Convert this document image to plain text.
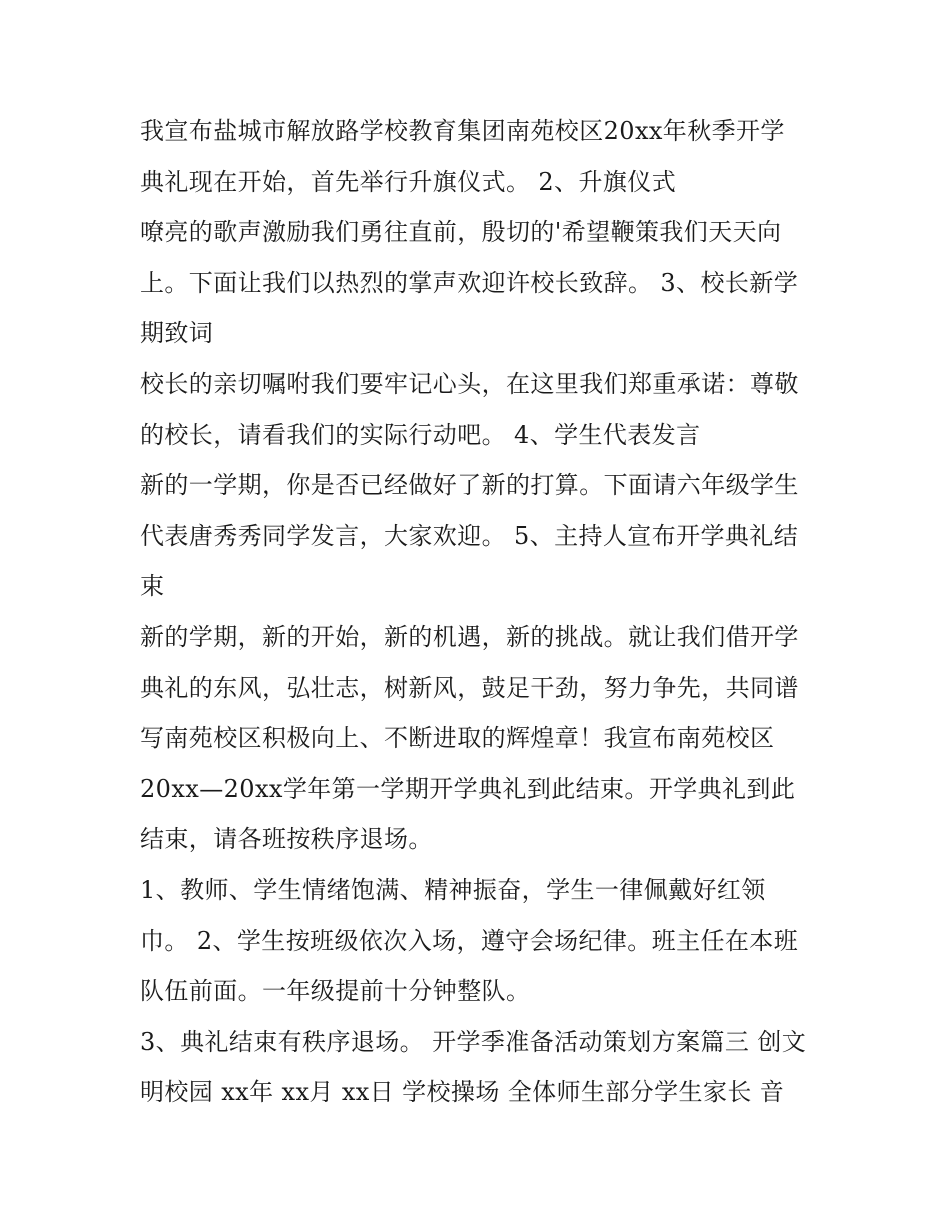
我宣布盐城市解放路学校教育集团南苑校区20xx年秋季开学
典礼现在开始，首先举行升旗仪式。 2、升旗仪式
嘹亮的歌声激励我们勇往直前，殷切的'希望鞭策我们天天向
上。下面让我们以热烈的掌声欢迎许校长致辞。 3、校长新学
期致词
校长的亲切嘱咐我们要牢记心头，在这里我们郑重承诺：尊敬
的校长，请看我们的实际行动吧。 4、学生代表发言
新的一学期，你是否已经做好了新的打算。下面请六年级学生
代表唐秀秀同学发言，大家欢迎。 5、主持人宣布开学典礼结
束
新的学期，新的开始，新的机遇，新的挑战。就让我们借开学
典礼的东风，弘壮志，树新风，鼓足干劲，努力争先，共同谱
写南苑校区积极向上、不断进取的辉煌章！我宣布南苑校区
20xx—20xx学年第一学期开学典礼到此结束。开学典礼到此
结束，请各班按秩序退场。
1、教师、学生情绪饱满、精神振奋，学生一律佩戴好红领
巾。 2、学生按班级依次入场，遵守会场纪律。班主任在本班
队伍前面。一年级提前十分钟整队。
3、典礼结束有秩序退场。 开学季准备活动策划方案篇三 创文
明校园 xx年 xx月 xx日 学校操场 全体师生部分学生家长 音
